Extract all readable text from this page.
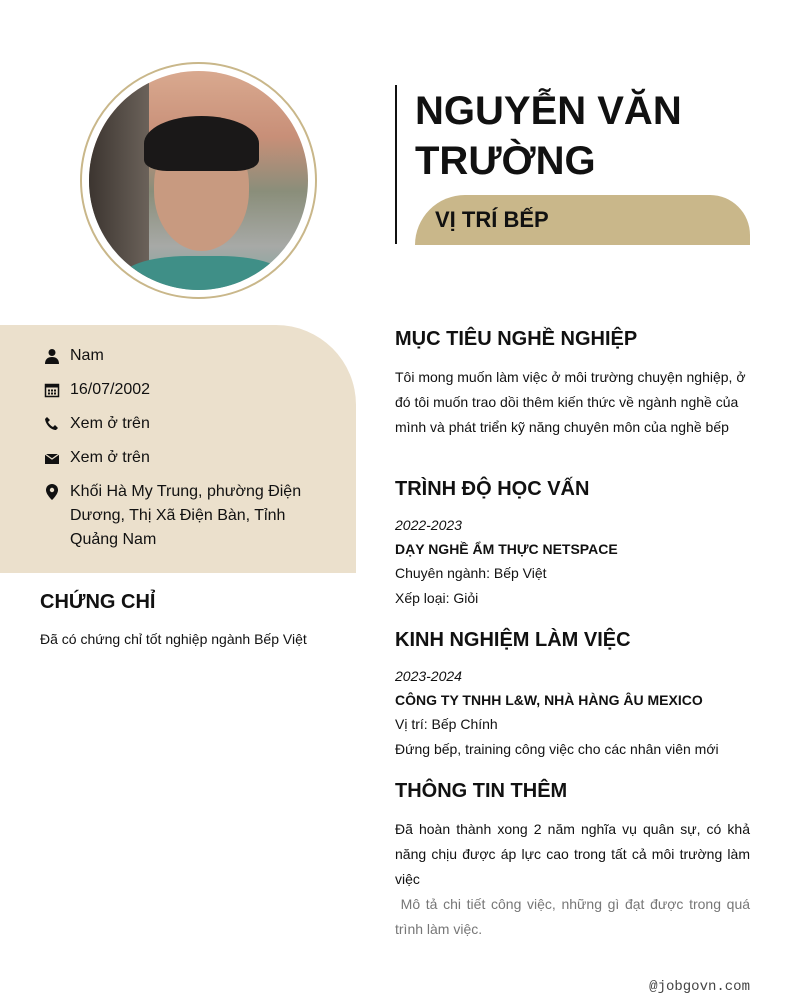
NGUYỄN VĂN TRƯỜNG
VỊ TRÍ BẾP
Nam
16/07/2002
Xem ở trên
Xem ở trên
Khối Hà My Trung, phường Điện Dương, Thị Xã Điện Bàn, Tỉnh Quảng Nam
CHỨNG CHỈ
Đã có chứng chỉ tốt nghiệp ngành Bếp Việt
MỤC TIÊU NGHỀ NGHIỆP
Tôi mong muốn làm việc ở môi trường chuyện nghiệp, ở đó tôi muốn trao dồi thêm kiến thức về ngành nghề của mình và phát triển kỹ năng chuyên môn của nghề bếp
TRÌNH ĐỘ HỌC VẤN
2022-2023
DẠY NGHỀ ẨM THỰC NETSPACE
Chuyên ngành: Bếp Việt
Xếp loại: Giỏi
KINH NGHIỆM LÀM VIỆC
2023-2024
CÔNG TY TNHH L&W, NHÀ HÀNG ÂU MEXICO
Vị trí: Bếp Chính
Đứng bếp, training công việc cho các nhân viên mới
THÔNG TIN THÊM
Đã hoàn thành xong 2 năm nghĩa vụ quân sự, có khả năng chịu được áp lực cao trong tất cả môi trường làm việc
Mô tả chi tiết công việc, những gì đạt được trong quá trình làm việc.
@jobgovn.com
